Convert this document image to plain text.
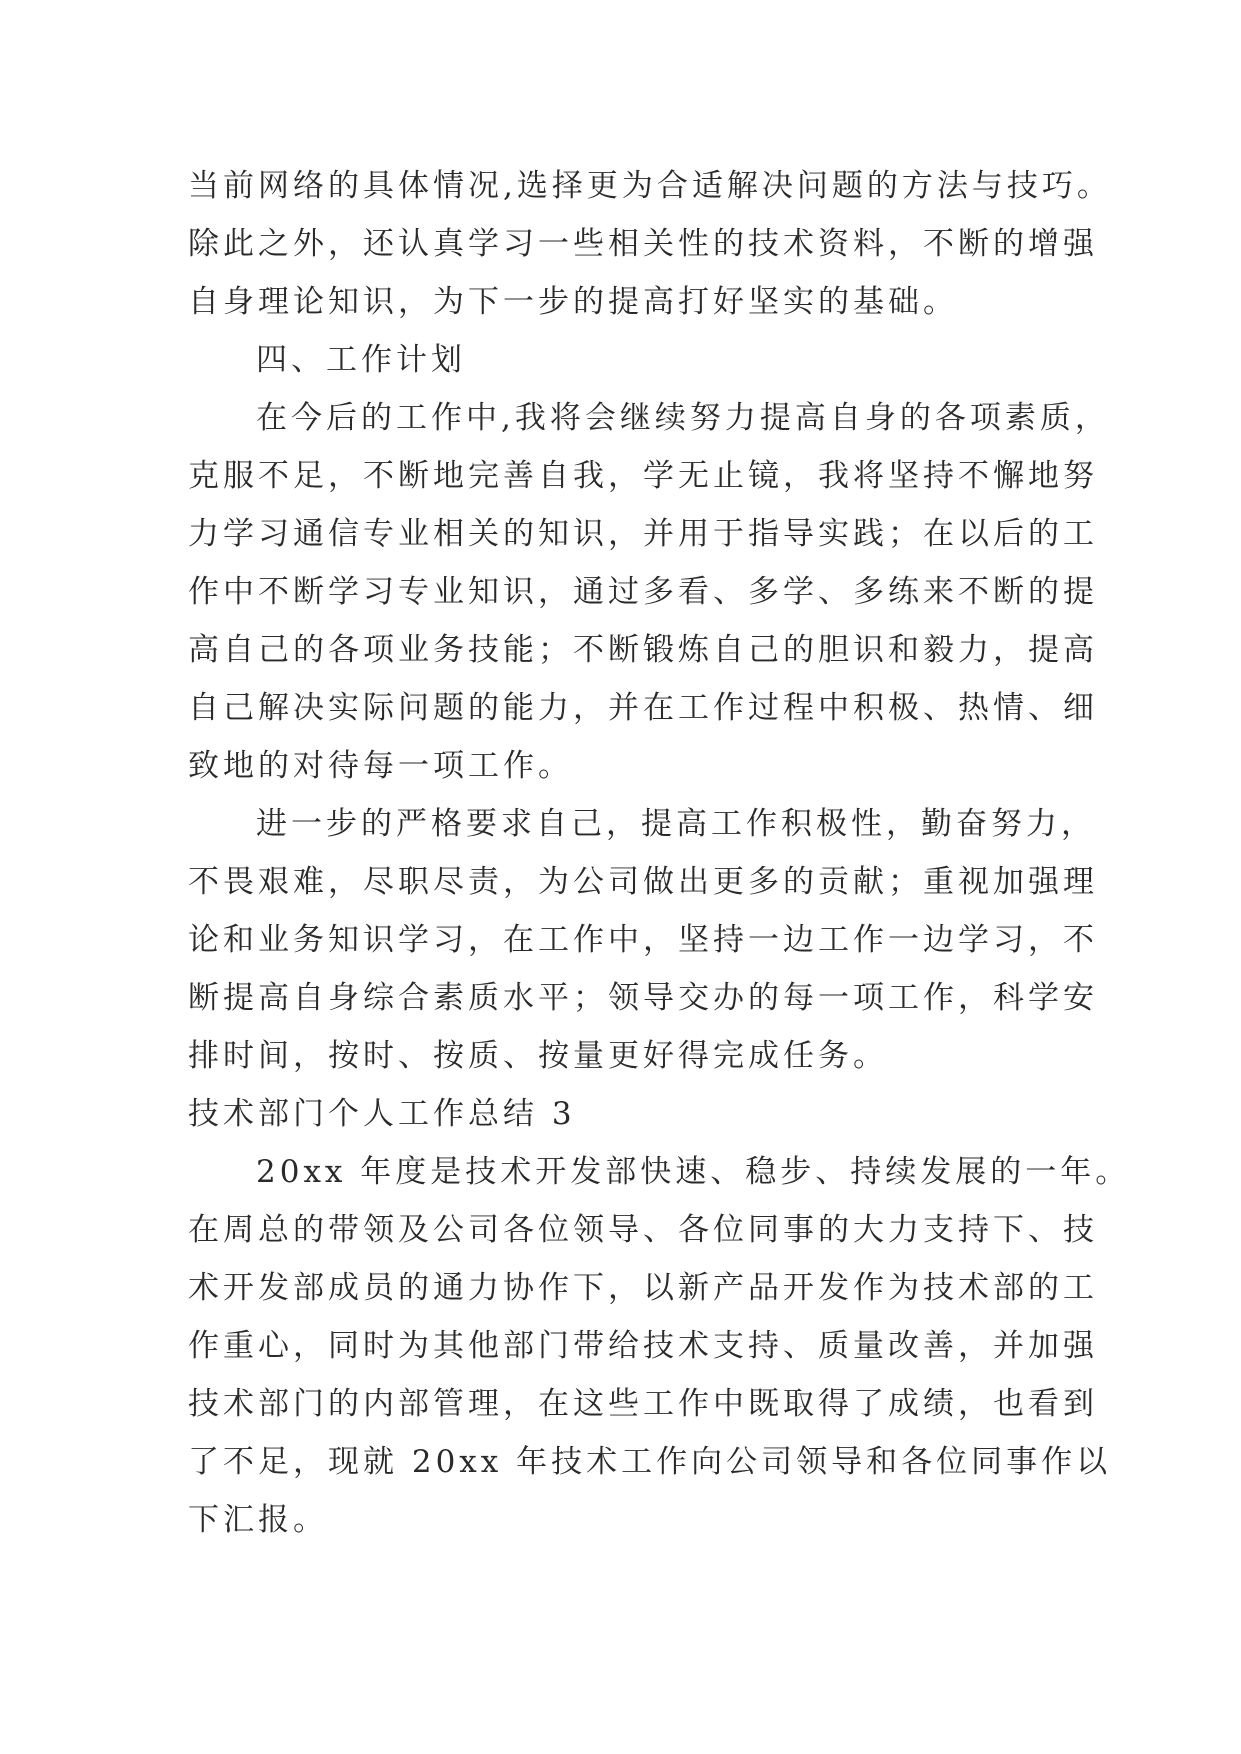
当前网络的具体情况,选择更为合适解决问题的方法与技巧。
除此之外，还认真学习一些相关性的技术资料，不断的增强
自身理论知识，为下一步的提高打好坚实的基础。
四、工作计划
在今后的工作中,我将会继续努力提高自身的各项素质，
克服不足，不断地完善自我，学无止镜，我将坚持不懈地努
力学习通信专业相关的知识，并用于指导实践；在以后的工
作中不断学习专业知识，通过多看、多学、多练来不断的提
高自己的各项业务技能；不断锻炼自己的胆识和毅力，提高
自己解决实际问题的能力，并在工作过程中积极、热情、细
致地的对待每一项工作。
进一步的严格要求自己，提高工作积极性，勤奋努力，
不畏艰难，尽职尽责，为公司做出更多的贡献；重视加强理
论和业务知识学习，在工作中，坚持一边工作一边学习，不
断提高自身综合素质水平；领导交办的每一项工作，科学安
排时间，按时、按质、按量更好得完成任务。
技术部门个人工作总结 3
20xx 年度是技术开发部快速、稳步、持续发展的一年。
在周总的带领及公司各位领导、各位同事的大力支持下、技
术开发部成员的通力协作下，以新产品开发作为技术部的工
作重心，同时为其他部门带给技术支持、质量改善，并加强
技术部门的内部管理，在这些工作中既取得了成绩，也看到
了不足，现就 20xx 年技术工作向公司领导和各位同事作以
下汇报。
